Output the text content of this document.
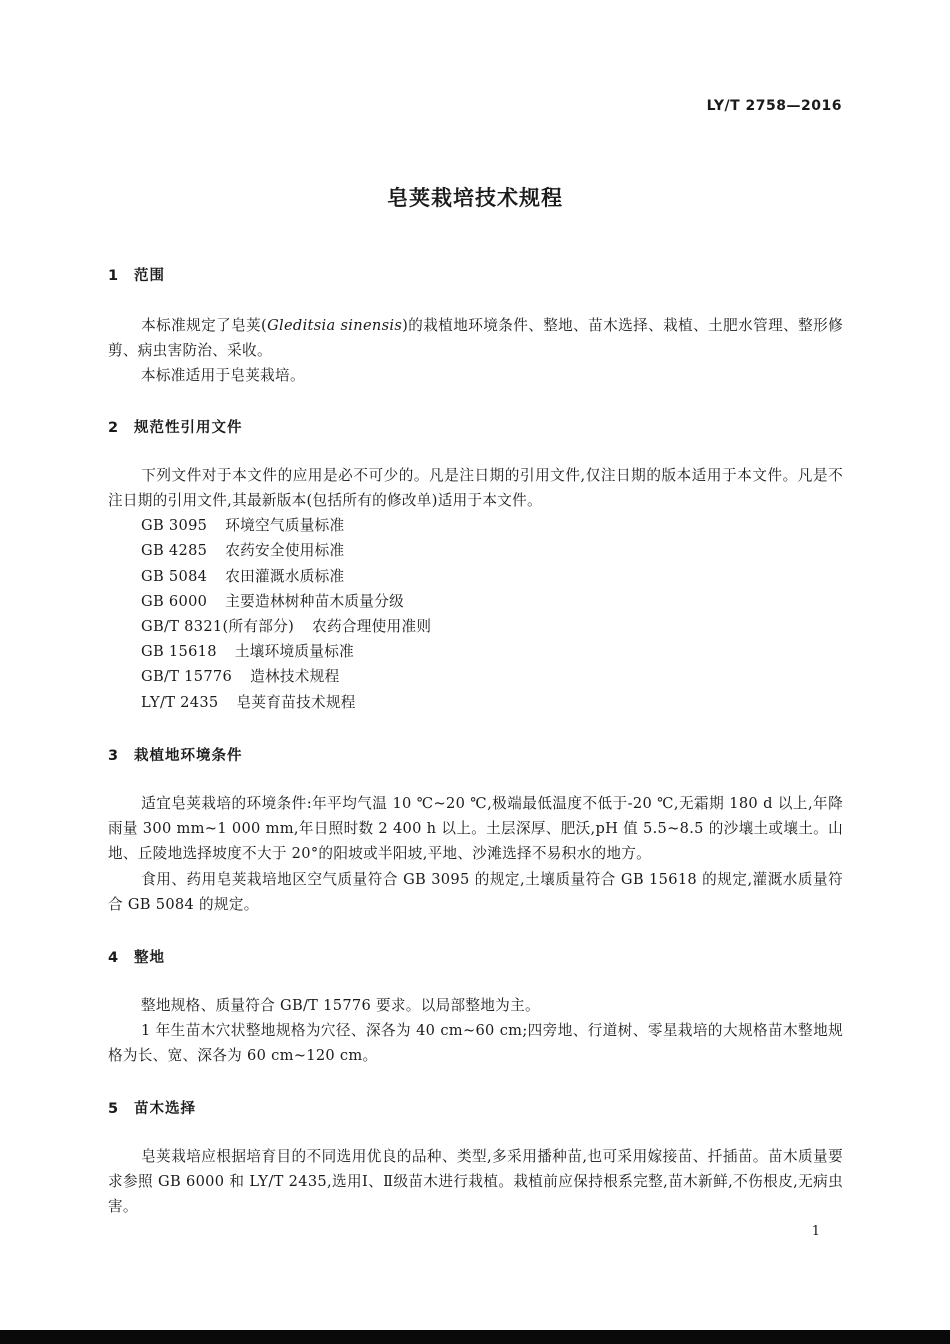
LY/T 2758—2016
皂荚栽培技术规程
1 范围
本标准规定了皂荚(Gleditsia sinensis)的栽植地环境条件、整地、苗木选择、栽植、土肥水管理、整形修剪、病虫害防治、采收。
本标准适用于皂荚栽培。
2 规范性引用文件
下列文件对于本文件的应用是必不可少的。凡是注日期的引用文件,仅注日期的版本适用于本文件。凡是不注日期的引用文件,其最新版本(包括所有的修改单)适用于本文件。
GB 3095 环境空气质量标准
GB 4285 农药安全使用标准
GB 5084 农田灌溉水质标准
GB 6000 主要造林树种苗木质量分级
GB/T 8321(所有部分) 农药合理使用准则
GB 15618 土壤环境质量标准
GB/T 15776 造林技术规程
LY/T 2435 皂荚育苗技术规程
3 栽植地环境条件
适宜皂荚栽培的环境条件:年平均气温 10 ℃~20 ℃,极端最低温度不低于-20 ℃,无霜期 180 d 以上,年降雨量 300 mm~1 000 mm,年日照时数 2 400 h 以上。土层深厚、肥沃,pH 值 5.5~8.5 的沙壤土或壤土。山地、丘陵地选择坡度不大于 20°的阳坡或半阳坡,平地、沙滩选择不易积水的地方。
食用、药用皂荚栽培地区空气质量符合 GB 3095 的规定,土壤质量符合 GB 15618 的规定,灌溉水质量符合 GB 5084 的规定。
4 整地
整地规格、质量符合 GB/T 15776 要求。以局部整地为主。
1 年生苗木穴状整地规格为穴径、深各为 40 cm~60 cm;四旁地、行道树、零星栽培的大规格苗木整地规格为长、宽、深各为 60 cm~120 cm。
5 苗木选择
皂荚栽培应根据培育目的不同选用优良的品种、类型,多采用播种苗,也可采用嫁接苗、扦插苗。苗木质量要求参照 GB 6000 和 LY/T 2435,选用Ⅰ、Ⅱ级苗木进行栽植。栽植前应保持根系完整,苗木新鲜,不伤根皮,无病虫害。
1
